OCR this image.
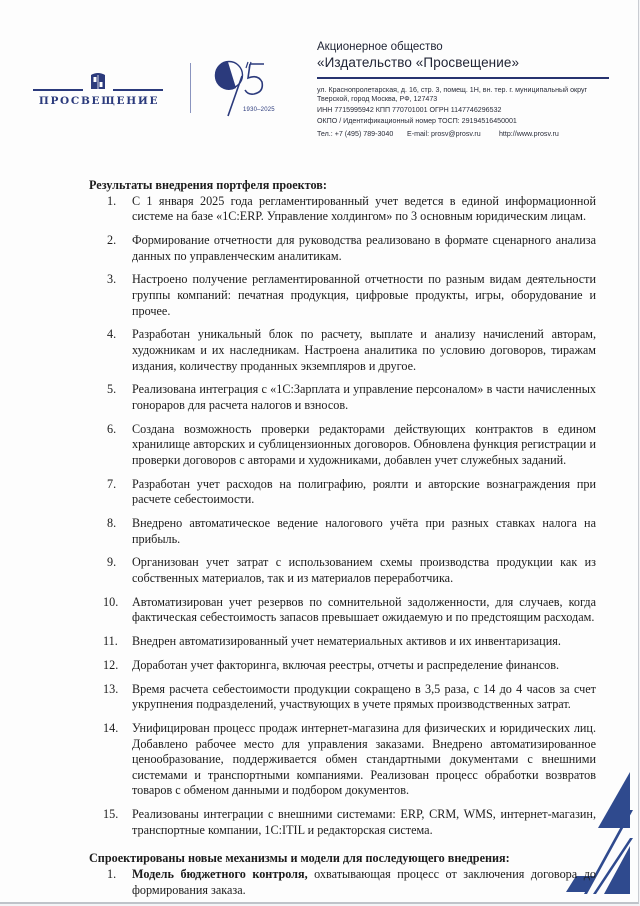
ПРОСВЕЩЕНИЕ
1930–2025
Акционерное общество
«Издательство «Просвещение»
ул. Краснопролетарская, д. 16, стр. 3, помещ. 1Н, вн. тер. г. муниципальный округ
Тверской, город Москва, РФ, 127473
ИНН 7715995942 КПП 770701001 ОГРН 1147746296532
ОКПО / Идентификационный номер ТОСП: 29194516450001
Тел.: +7 (495) 789-3040 E-mail: prosv@prosv.ru	http://www.prosv.ru

Результаты внедрения портфеля проектов:

1. С 1 января 2025 года регламентированный учет ведется в единой информационной системе на базе «1С:ERP. Управление холдингом» по 3 основным юридическим лицам.
2. Формирование отчетности для руководства реализовано в формате сценарного анализа данных по управленческим аналитикам.
3. Настроено получение регламентированной отчетности по разным видам деятельности группы компаний: печатная продукция, цифровые продукты, игры, оборудование и прочее.
4. Разработан уникальный блок по расчету, выплате и анализу начислений авторам, художникам и их наследникам. Настроена аналитика по условию договоров, тиражам издания, количеству проданных экземпляров и другое.
5. Реализована интеграция с «1С:Зарплата и управление персоналом» в части начисленных гонораров для расчета налогов и взносов.
6. Создана возможность проверки редакторами действующих контрактов в едином хранилище авторских и сублицензионных договоров. Обновлена функция регистрации и проверки договоров с авторами и художниками, добавлен учет служебных заданий.
7. Разработан учет расходов на полиграфию, роялти и авторские вознаграждения при расчете себестоимости.
8. Внедрено автоматическое ведение налогового учёта при разных ставках налога на прибыль.
9. Организован учет затрат с использованием схемы производства продукции как из собственных материалов, так и из материалов переработчика.
10. Автоматизирован учет резервов по сомнительной задолженности, для случаев, когда фактическая себестоимость запасов превышает ожидаемую и по предстоящим расходам.
11. Внедрен автоматизированный учет нематериальных активов и их инвентаризация.
12. Доработан учет факторинга, включая реестры, отчеты и распределение финансов.
13. Время расчета себестоимости продукции сокращено в 3,5 раза, с 14 до 4 часов за счет укрупнения подразделений, участвующих в учете прямых производственных затрат.
14. Унифицирован процесс продаж интернет-магазина для физических и юридических лиц. Добавлено рабочее место для управления заказами. Внедрено автоматизированное ценообразование, поддерживается обмен стандартными документами с внешними системами и транспортными компаниями. Реализован процесс обработки возвратов товаров с обменом данными и подбором документов.
15. Реализованы интеграции с внешними системами: ERP, CRM, WMS, интернет-магазин, транспортные компании, 1С:ITIL и редакторская система.

Спроектированы новые механизмы и модели для последующего внедрения:

1. Модель бюджетного контроля, охватывающая процесс от заключения договора до формирования заказа.
